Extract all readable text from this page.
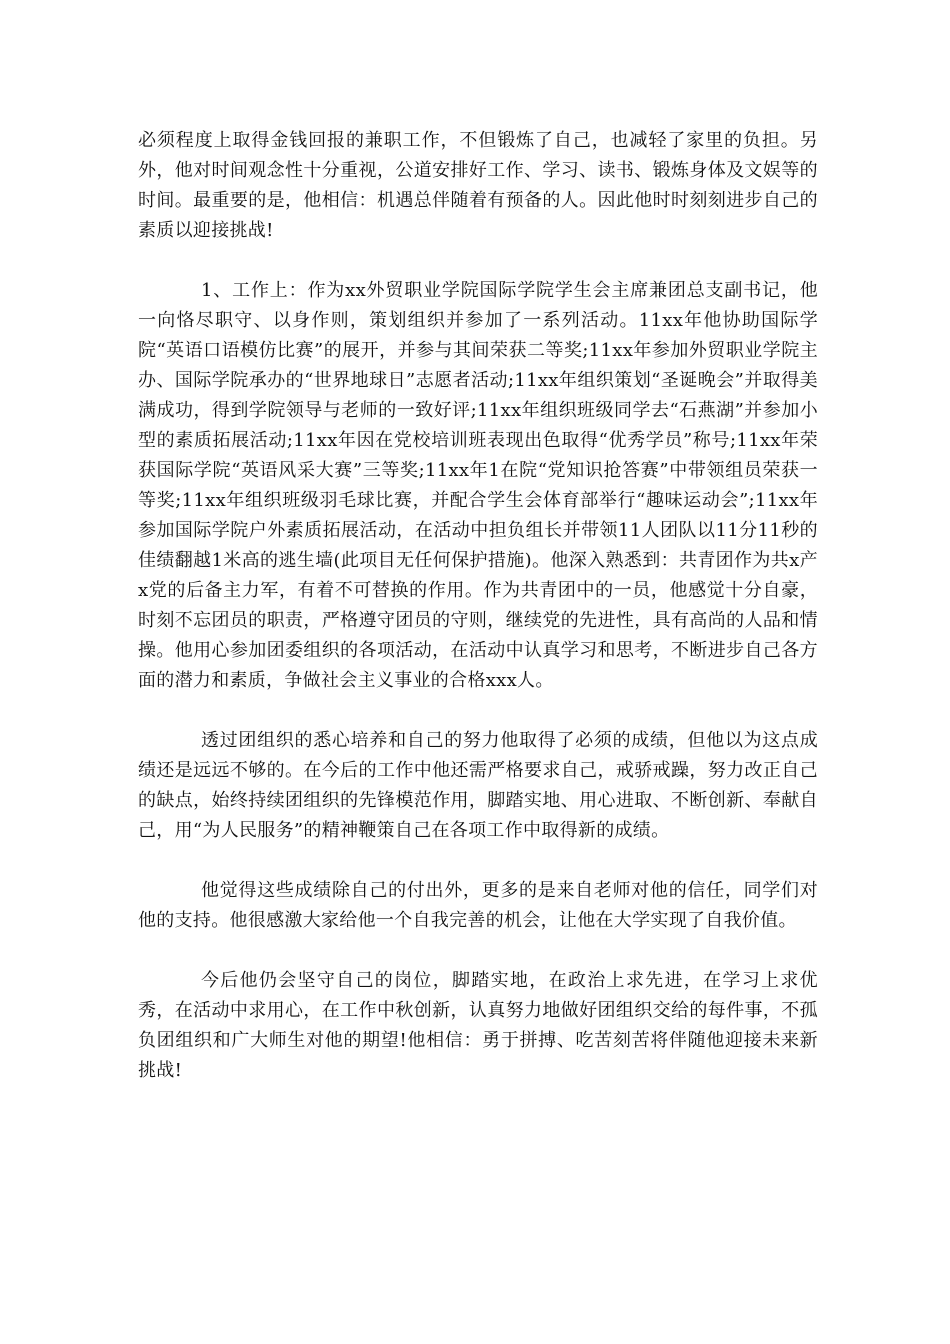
必须程度上取得金钱回报的兼职工作，不但锻炼了自己，也减轻了家里的负担。另外，他对时间观念性十分重视，公道安排好工作、学习、读书、锻炼身体及文娱等的时间。最重要的是，他相信：机遇总伴随着有预备的人。因此他时时刻刻进步自己的素质以迎接挑战!

1、工作上：作为xx外贸职业学院国际学院学生会主席兼团总支副书记，他一向恪尽职守、以身作则，策划组织并参加了一系列活动。11xx年他协助国际学院“英语口语模仿比赛”的展开，并参与其间荣获二等奖;11xx年参加外贸职业学院主办、国际学院承办的“世界地球日”志愿者活动;11xx年组织策划“圣诞晚会”并取得美满成功，得到学院领导与老师的一致好评;11xx年组织班级同学去“石燕湖”并参加小型的素质拓展活动;11xx年因在党校培训班表现出色取得“优秀学员”称号;11xx年荣获国际学院“英语风采大赛”三等奖;11xx年1在院“党知识抢答赛”中带领组员荣获一等奖;11xx年组织班级羽毛球比赛，并配合学生会体育部举行“趣味运动会”;11xx年参加国际学院户外素质拓展活动，在活动中担负组长并带领11人团队以11分11秒的佳绩翻越1米高的逃生墙(此项目无任何保护措施)。他深入熟悉到：共青团作为共x产x党的后备主力军，有着不可替换的作用。作为共青团中的一员，他感觉十分自豪，时刻不忘团员的职责，严格遵守团员的守则，继续党的先进性，具有高尚的人品和情操。他用心参加团委组织的各项活动，在活动中认真学习和思考，不断进步自己各方面的潜力和素质，争做社会主义事业的合格xxx人。

透过团组织的悉心培养和自己的努力他取得了必须的成绩，但他以为这点成绩还是远远不够的。在今后的工作中他还需严格要求自己，戒骄戒躁，努力改正自己的缺点，始终持续团组织的先锋模范作用，脚踏实地、用心进取、不断创新、奉献自己，用“为人民服务”的精神鞭策自己在各项工作中取得新的成绩。

他觉得这些成绩除自己的付出外，更多的是来自老师对他的信任，同学们对他的支持。他很感激大家给他一个自我完善的机会，让他在大学实现了自我价值。

今后他仍会坚守自己的岗位，脚踏实地，在政治上求先进，在学习上求优秀，在活动中求用心，在工作中秋创新，认真努力地做好团组织交给的每件事，不孤负团组织和广大师生对他的期望!他相信：勇于拼搏、吃苦刻苦将伴随他迎接未来新挑战!
